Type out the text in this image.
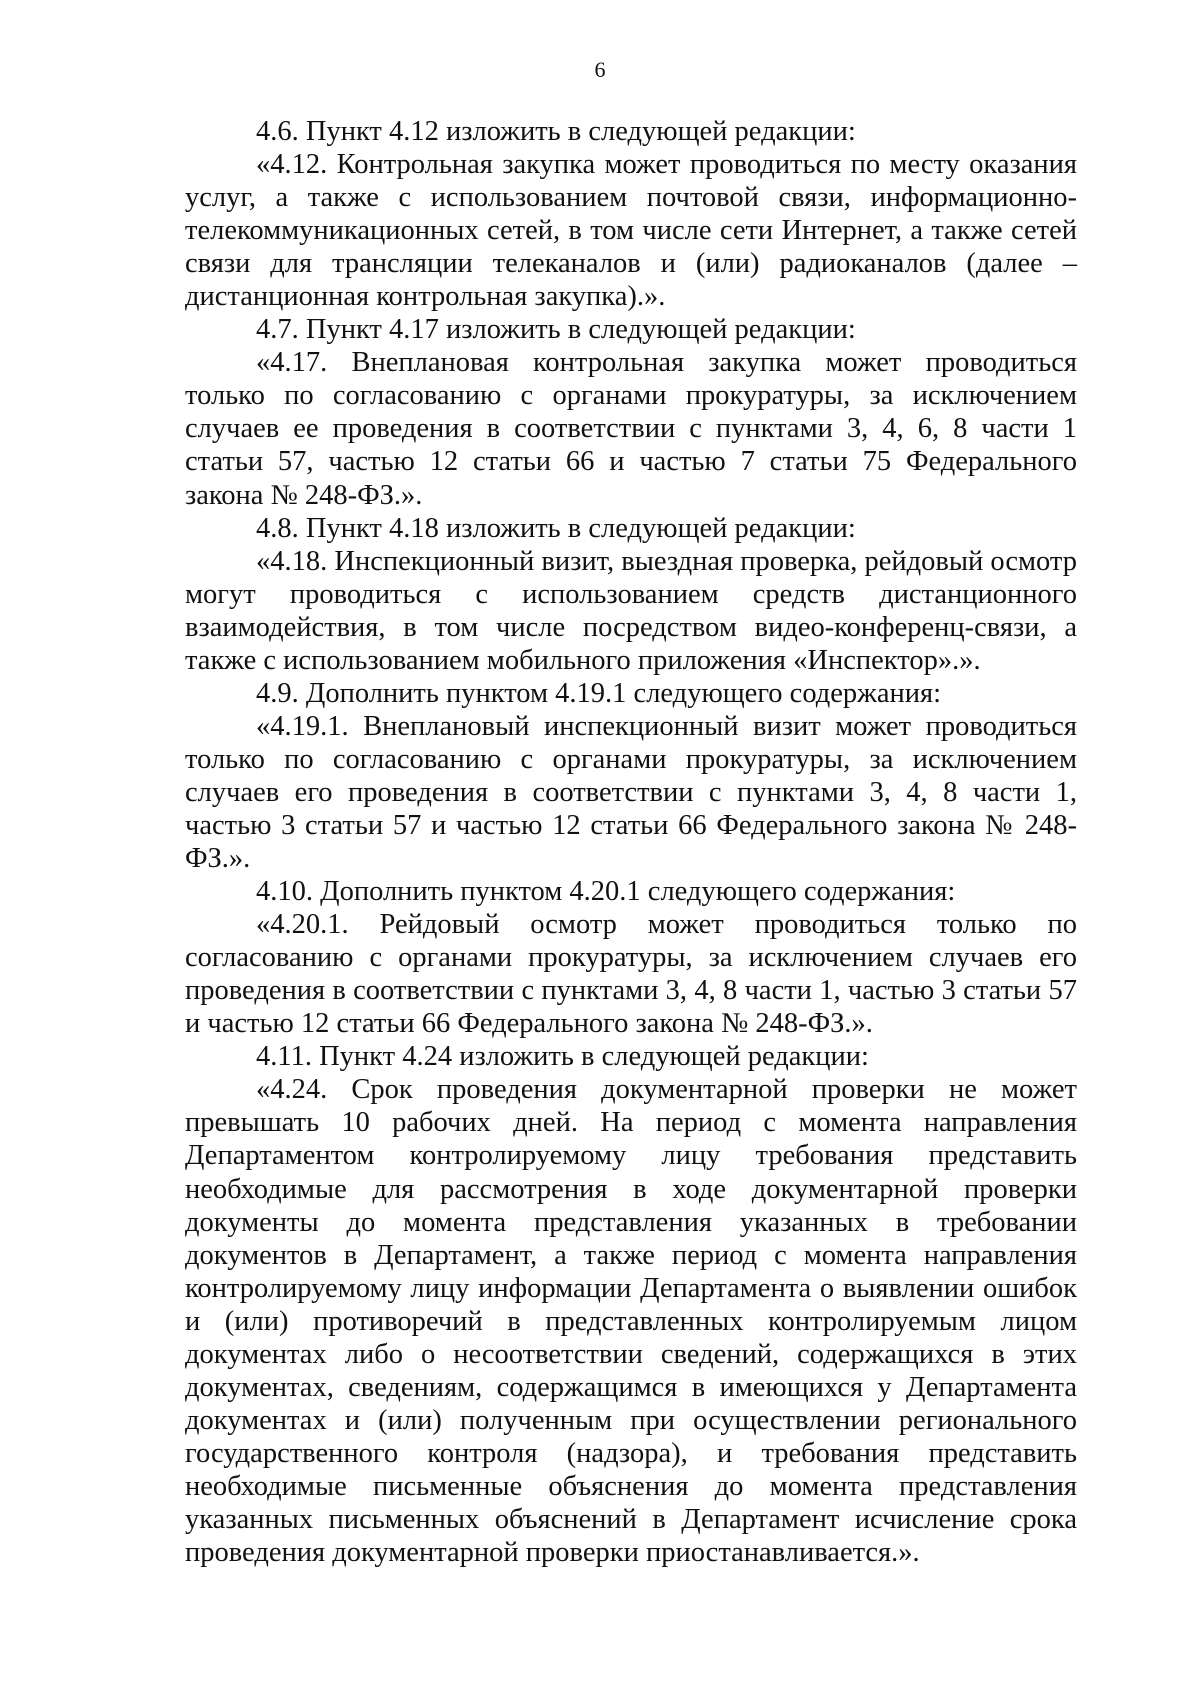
6

4.6. Пункт 4.12 изложить в следующей редакции:

«4.12. Контрольная закупка может проводиться по месту оказания услуг, а также с использованием почтовой связи, информационно-телекоммуникационных сетей, в том числе сети Интернет, а также сетей связи для трансляции телеканалов и (или) радиоканалов (далее – дистанционная контрольная закупка).».

4.7. Пункт 4.17 изложить в следующей редакции:

«4.17. Внеплановая контрольная закупка может проводиться только по согласованию с органами прокуратуры, за исключением случаев ее проведения в соответствии с пунктами 3, 4, 6, 8 части 1 статьи 57, частью 12 статьи 66 и частью 7 статьи 75 Федерального закона № 248-ФЗ.».

4.8. Пункт 4.18 изложить в следующей редакции:

«4.18. Инспекционный визит, выездная проверка, рейдовый осмотр могут проводиться с использованием средств дистанционного взаимодействия, в том числе посредством видео-конференц-связи, а также с использованием мобильного приложения «Инспектор».».

4.9. Дополнить пунктом 4.19.1 следующего содержания:

«4.19.1. Внеплановый инспекционный визит может проводиться только по согласованию с органами прокуратуры, за исключением случаев его проведения в соответствии с пунктами 3, 4, 8 части 1, частью 3 статьи 57 и частью 12 статьи 66 Федерального закона № 248-ФЗ.».

4.10. Дополнить пунктом 4.20.1 следующего содержания:

«4.20.1. Рейдовый осмотр может проводиться только по согласованию с органами прокуратуры, за исключением случаев его проведения в соответствии с пунктами 3, 4, 8 части 1, частью 3 статьи 57 и частью 12 статьи 66 Федерального закона № 248-ФЗ.».

4.11. Пункт 4.24 изложить в следующей редакции:

«4.24. Срок проведения документарной проверки не может превышать 10 рабочих дней. На период с момента направления Департаментом контролируемому лицу требования представить необходимые для рассмотрения в ходе документарной проверки документы до момента представления указанных в требовании документов в Департамент, а также период с момента направления контролируемому лицу информации Департамента о выявлении ошибок и (или) противоречий в представленных контролируемым лицом документах либо о несоответствии сведений, содержащихся в этих документах, сведениям, содержащимся в имеющихся у Департамента документах и (или) полученным при осуществлении регионального государственного контроля (надзора), и требования представить необходимые письменные объяснения до момента представления указанных письменных объяснений в Департамент исчисление срока проведения документарной проверки приостанавливается.».
